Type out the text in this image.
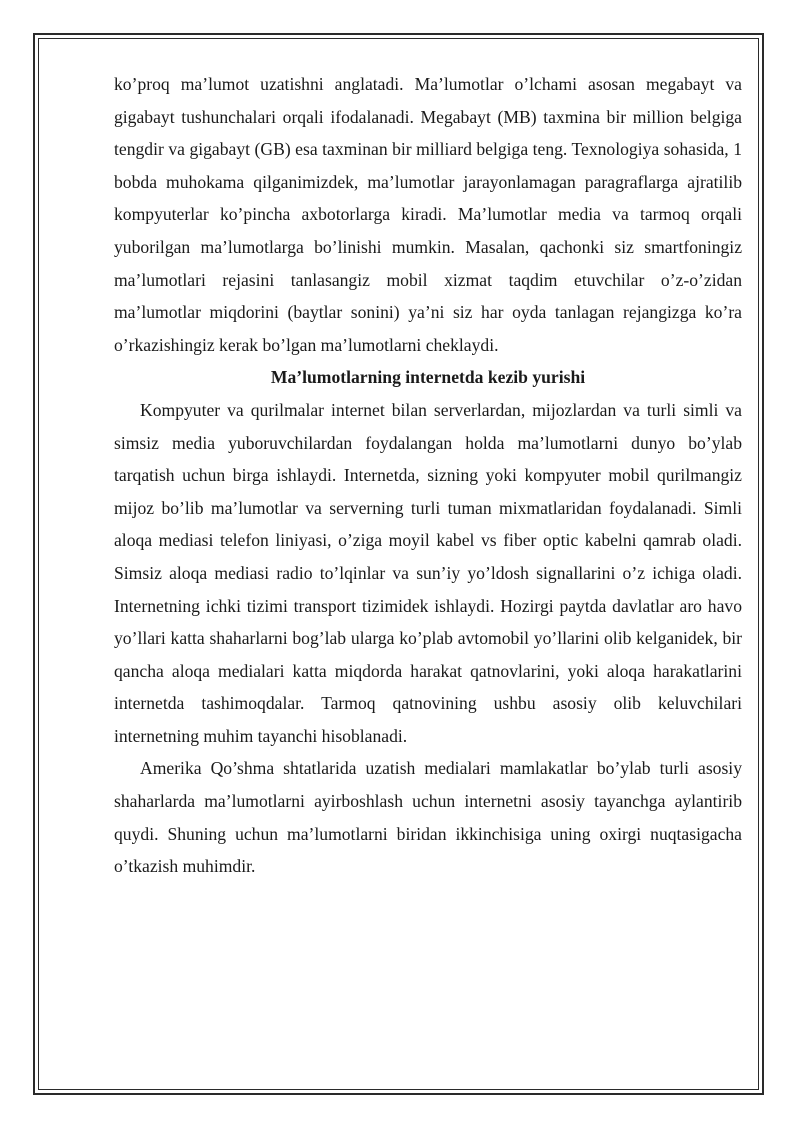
ko’proq ma’lumot uzatishni anglatadi. Ma’lumotlar o’lchami asosan megabayt va gigabayt tushunchalari orqali ifodalanadi. Megabayt (MB) taxmina bir million belgiga tengdir va gigabayt (GB) esa taxminan bir milliard belgiga teng. Texnologiya sohasida, 1 bobda muhokama qilganimizdek, ma’lumotlar jarayonlamagan paragraflarga ajratilib kompyuterlar ko’pincha axbotorlarga kiradi. Ma’lumotlar media va tarmoq orqali yuborilgan ma’lumotlarga bo’linishi mumkin. Masalan, qachonki siz smartfoningiz ma’lumotlari rejasini tanlasangiz mobil xizmat taqdim etuvchilar o’z-o’zidan ma’lumotlar miqdorini (baytlar sonini) ya’ni siz har oyda tanlagan rejangizga ko’ra o’rkazishingiz kerak bo’lgan ma’lumotlarni cheklaydi.

Ma’lumotlarning internetda kezib yurishi

Kompyuter va qurilmalar internet bilan serverlardan, mijozlardan va turli simli va simsiz media yuboruvchilardan foydalangan holda ma’lumotlarni dunyo bo’ylab tarqatish uchun birga ishlaydi. Internetda, sizning yoki kompyuter mobil qurilmangiz mijoz bo’lib ma’lumotlar va serverning turli tuman mixmatlaridan foydalanadi. Simli aloqa mediasi telefon liniyasi, o’ziga moyil kabel vs fiber optic kabelni qamrab oladi. Simsiz aloqa mediasi radio to’lqinlar va sun’iy yo’ldosh signallarini o’z ichiga oladi. Internetning ichki tizimi transport tizimidek ishlaydi. Hozirgi paytda davlatlar aro havo yo’llari katta shaharlarni bog’lab ularga ko’plab avtomobil yo’llarini olib kelganidek, bir qancha aloqa medialari katta miqdorda harakat qatnovlarini, yoki aloqa harakatlarini internetda tashimoqdalar. Tarmoq qatnovining ushbu asosiy olib keluvchilari internetning muhim tayanchi hisoblanadi.

Amerika Qo’shma shtatlarida uzatish medialari mamlakatlar bo’ylab turli asosiy shaharlarda ma’lumotlarni ayirboshlash uchun internetni asosiy tayanchga aylantirib quydi. Shuning uchun ma’lumotlarni biridan ikkinchisiga uning oxirgi nuqtasigacha o’tkazish muhimdir.
